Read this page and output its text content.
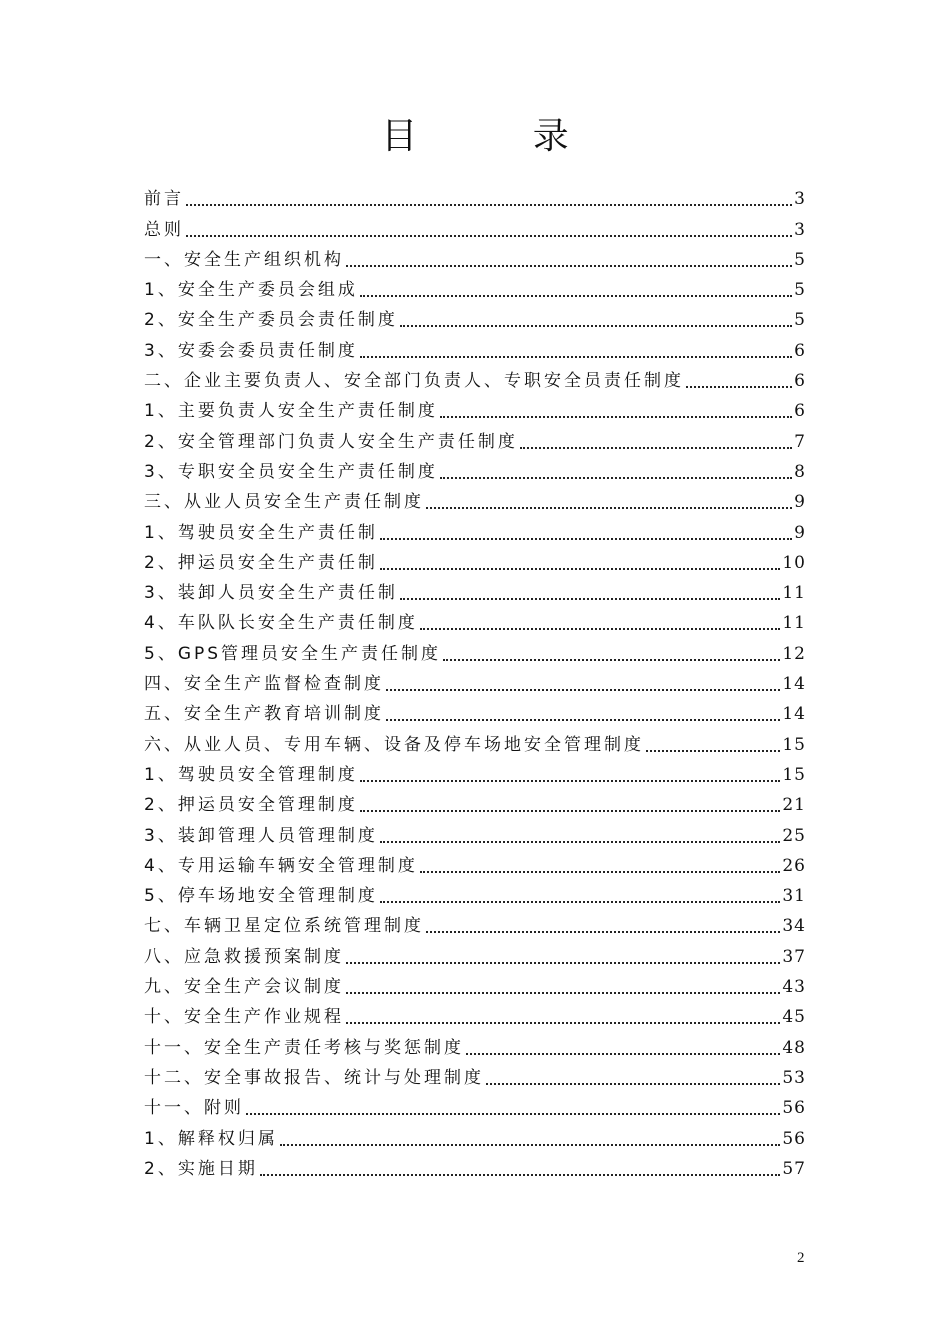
目 录
前言	3
总则	3
一、安全生产组织机构	5
1、安全生产委员会组成	5
2、安全生产委员会责任制度	5
3、安委会委员责任制度	6
二、企业主要负责人、安全部门负责人、专职安全员责任制度	6
1、主要负责人安全生产责任制度	6
2、安全管理部门负责人安全生产责任制度	7
3、专职安全员安全生产责任制度	8
三、从业人员安全生产责任制度	9
1、驾驶员安全生产责任制	9
2、押运员安全生产责任制	10
3、装卸人员安全生产责任制	11
4、车队队长安全生产责任制度	11
5、GPS管理员安全生产责任制度	12
四、安全生产监督检查制度	14
五、安全生产教育培训制度	14
六、从业人员、专用车辆、设备及停车场地安全管理制度	15
1、驾驶员安全管理制度	15
2、押运员安全管理制度	21
3、装卸管理人员管理制度	25
4、专用运输车辆安全管理制度	26
5、停车场地安全管理制度	31
七、车辆卫星定位系统管理制度	34
八、应急救援预案制度	37
九、安全生产会议制度	43
十、安全生产作业规程	45
十一、安全生产责任考核与奖惩制度	48
十二、安全事故报告、统计与处理制度	53
十一、附则	56
1、解释权归属	56
2、实施日期	57
2
